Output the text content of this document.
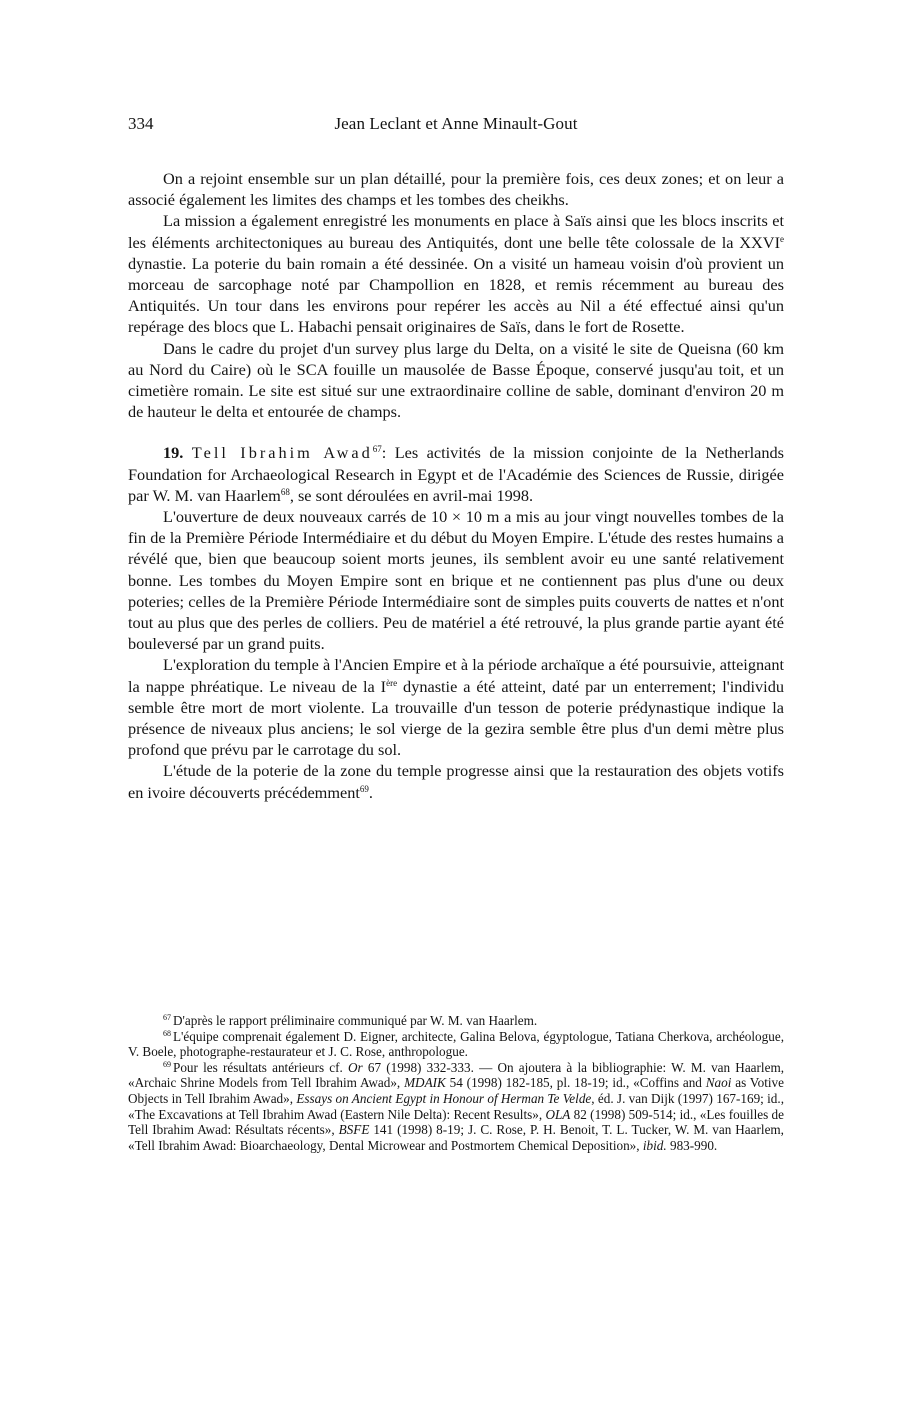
334	Jean Leclant et Anne Minault-Gout

On a rejoint ensemble sur un plan détaillé, pour la première fois, ces deux zones; et on leur a associé également les limites des champs et les tombes des cheikhs.

La mission a également enregistré les monuments en place à Saïs ainsi que les blocs inscrits et les éléments architectoniques au bureau des Antiquités, dont une belle tête colossale de la XXVIe dynastie. La poterie du bain romain a été dessinée. On a visité un hameau voisin d'où provient un morceau de sarcophage noté par Champollion en 1828, et remis récemment au bureau des Antiquités. Un tour dans les environs pour repérer les accès au Nil a été effectué ainsi qu'un repérage des blocs que L. Habachi pensait originaires de Saïs, dans le fort de Rosette.

Dans le cadre du projet d'un survey plus large du Delta, on a visité le site de Queisna (60 km au Nord du Caire) où le SCA fouille un mausolée de Basse Époque, conservé jusqu'au toit, et un cimetière romain. Le site est situé sur une extraordinaire colline de sable, dominant d'environ 20 m de hauteur le delta et entourée de champs.

19. Tell Ibrahim Awad$^{67}$: Les activités de la mission conjointe de la Netherlands Foundation for Archaeological Research in Egypt et de l'Académie des Sciences de Russie, dirigée par W. M. van Haarlem$^{68}$, se sont déroulées en avril-mai 1998.

L'ouverture de deux nouveaux carrés de 10 × 10 m a mis au jour vingt nouvelles tombes de la fin de la Première Période Intermédiaire et du début du Moyen Empire. L'étude des restes humains a révélé que, bien que beaucoup soient morts jeunes, ils semblent avoir eu une santé relativement bonne. Les tombes du Moyen Empire sont en brique et ne contiennent pas plus d'une ou deux poteries; celles de la Première Période Intermédiaire sont de simples puits couverts de nattes et n'ont tout au plus que des perles de colliers. Peu de matériel a été retrouvé, la plus grande partie ayant été bouleversé par un grand puits.

L'exploration du temple à l'Ancien Empire et à la période archaïque a été poursuivie, atteignant la nappe phréatique. Le niveau de la Ière dynastie a été atteint, daté par un enterrement; l'individu semble être mort de mort violente. La trouvaille d'un tesson de poterie prédynastique indique la présence de niveaux plus anciens; le sol vierge de la gezira semble être plus d'un demi mètre plus profond que prévu par le carrotage du sol.

L'étude de la poterie de la zone du temple progresse ainsi que la restauration des objets votifs en ivoire découverts précédemment$^{69}$.

$^{67}$ D'après le rapport préliminaire communiqué par W. M. van Haarlem.

$^{68}$ L'équipe comprenait également D. Eigner, architecte, Galina Belova, égyptologue, Tatiana Cherkova, archéologue, V. Boele, photographe-restaurateur et J. C. Rose, anthropologue.

$^{69}$ Pour les résultats antérieurs cf. Or 67 (1998) 332-333. — On ajoutera à la bibliographie: W. M. van Haarlem, «Archaic Shrine Models from Tell Ibrahim Awad», MDAIK 54 (1998) 182-185, pl. 18-19; id., «Coffins and Naoi as Votive Objects in Tell Ibrahim Awad», Essays on Ancient Egypt in Honour of Herman Te Velde, éd. J. van Dijk (1997) 167-169; id., «The Excavations at Tell Ibrahim Awad (Eastern Nile Delta): Recent Results», OLA 82 (1998) 509-514; id., «Les fouilles de Tell Ibrahim Awad: Résultats récents», BSFE 141 (1998) 8-19; J. C. Rose, P. H. Benoit, T. L. Tucker, W. M. van Haarlem, «Tell Ibrahim Awad: Bioarchaeology, Dental Microwear and Postmortem Chemical Deposition», ibid. 983-990.
